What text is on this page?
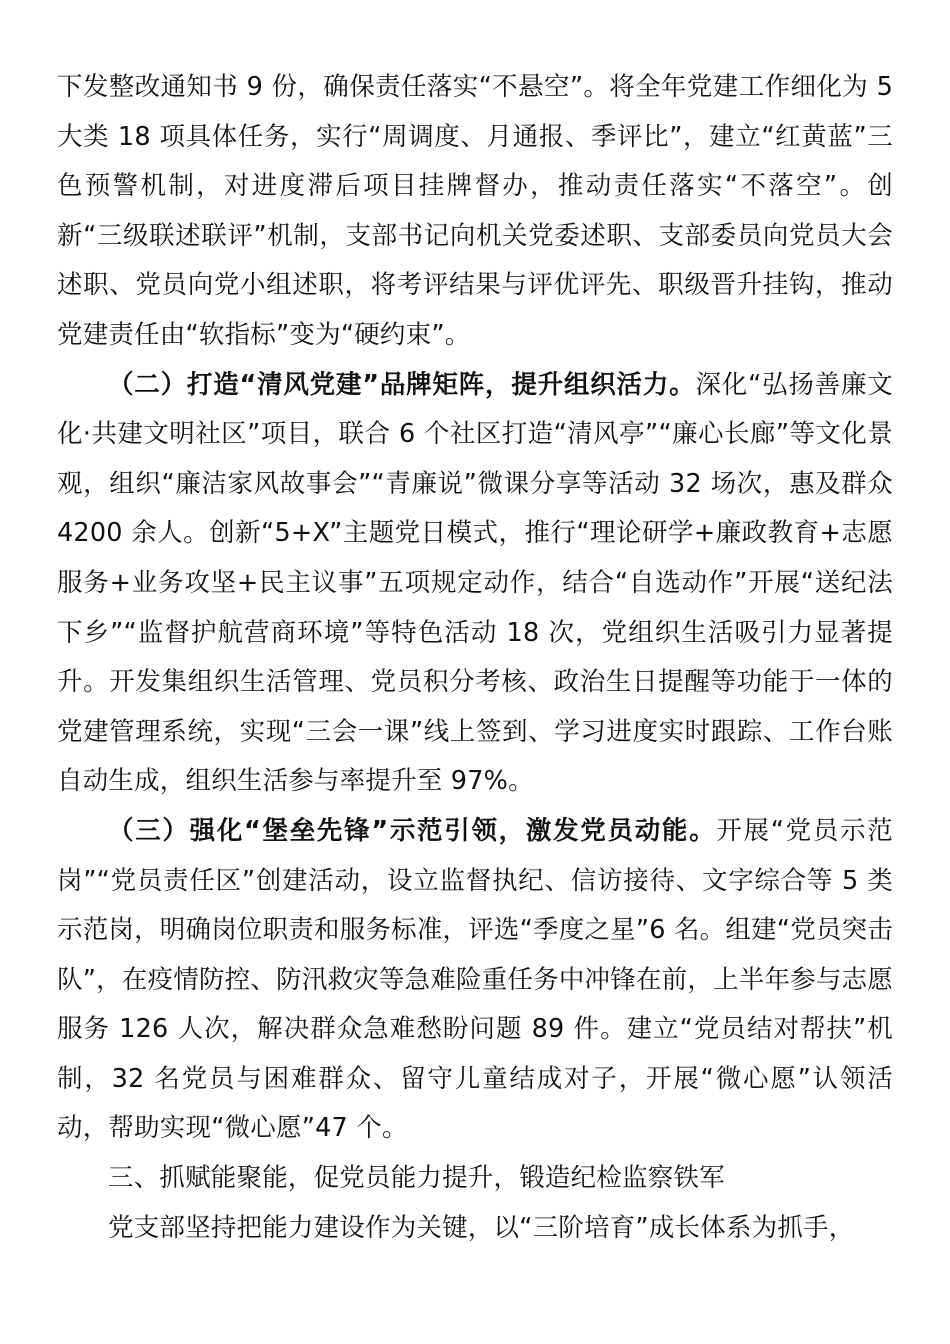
下发整改通知书 9 份，确保责任落实“不悬空”。将全年党建工作细化为 5 大类 18 项具体任务，实行“周调度、月通报、季评比”，建立“红黄蓝”三色预警机制，对进度滞后项目挂牌督办，推动责任落实“不落空”。创新“三级联述联评”机制，支部书记向机关党委述职、支部委员向党员大会述职、党员向党小组述职，将考评结果与评优评先、职级晋升挂钩，推动党建责任由“软指标”变为“硬约束”。

（二）打造“清风党建”品牌矩阵，提升组织活力。深化“弘扬善廉文化·共建文明社区”项目，联合 6 个社区打造“清风亭”“廉心长廊”等文化景观，组织“廉洁家风故事会”“青廉说”微课分享等活动 32 场次，惠及群众 4200 余人。创新“5+X”主题党日模式，推行“理论研学+廉政教育+志愿服务+业务攻坚+民主议事”五项规定动作，结合“自选动作”开展“送纪法下乡”“监督护航营商环境”等特色活动 18 次，党组织生活吸引力显著提升。开发集组织生活管理、党员积分考核、政治生日提醒等功能于一体的党建管理系统，实现“三会一课”线上签到、学习进度实时跟踪、工作台账自动生成，组织生活参与率提升至 97%。

（三）强化“堡垒先锋”示范引领，激发党员动能。开展“党员示范岗”“党员责任区”创建活动，设立监督执纪、信访接待、文字综合等 5 类示范岗，明确岗位职责和服务标准，评选“季度之星”6 名。组建“党员突击队”，在疫情防控、防汛救灾等急难险重任务中冲锋在前，上半年参与志愿服务 126 人次，解决群众急难愁盼问题 89 件。建立“党员结对帮扶”机制，32 名党员与困难群众、留守儿童结成对子，开展“微心愿”认领活动，帮助实现“微心愿”47 个。

三、抓赋能聚能，促党员能力提升，锻造纪检监察铁军

党支部坚持把能力建设作为关键，以“三阶培育”成长体系为抓手，
